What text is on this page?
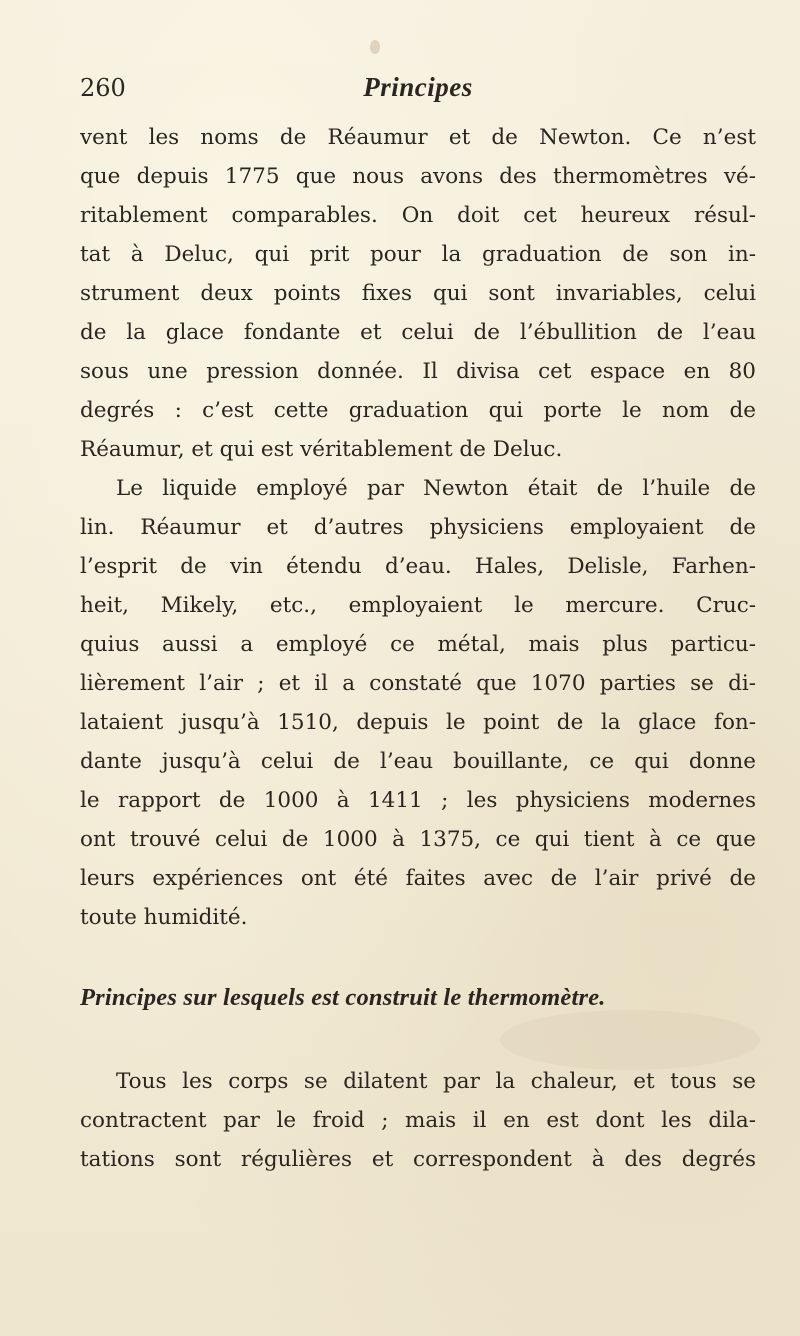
260	Principes
vent les noms de Réaumur et de Newton. Ce n’est
que depuis 1775 que nous avons des thermomètres vé-
ritablement comparables. On doit cet heureux résul-
tat à Deluc, qui prit pour la graduation de son in-
strument deux points fixes qui sont invariables, celui
de la glace fondante et celui de l’ébullition de l’eau
sous une pression donnée. Il divisa cet espace en 80
degrés : c’est cette graduation qui porte le nom de
Réaumur, et qui est véritablement de Deluc.
Le liquide employé par Newton était de l’huile de
lin. Réaumur et d’autres physiciens employaient de
l’esprit de vin étendu d’eau. Hales, Delisle, Farhen-
heit, Mikely, etc., employaient le mercure. Cruc-
quius aussi a employé ce métal, mais plus particu-
lièrement l’air ; et il a constaté que 1070 parties se di-
lataient jusqu’à 1510, depuis le point de la glace fon-
dante jusqu’à celui de l’eau bouillante, ce qui donne
le rapport de 1000 à 1411 ; les physiciens modernes
ont trouvé celui de 1000 à 1375, ce qui tient à ce que
leurs expériences ont été faites avec de l’air privé de
toute humidité.
Principes sur lesquels est construit le thermomètre.
Tous les corps se dilatent par la chaleur, et tous se
contractent par le froid ; mais il en est dont les dila-
tations sont régulières et correspondent à des degrés
